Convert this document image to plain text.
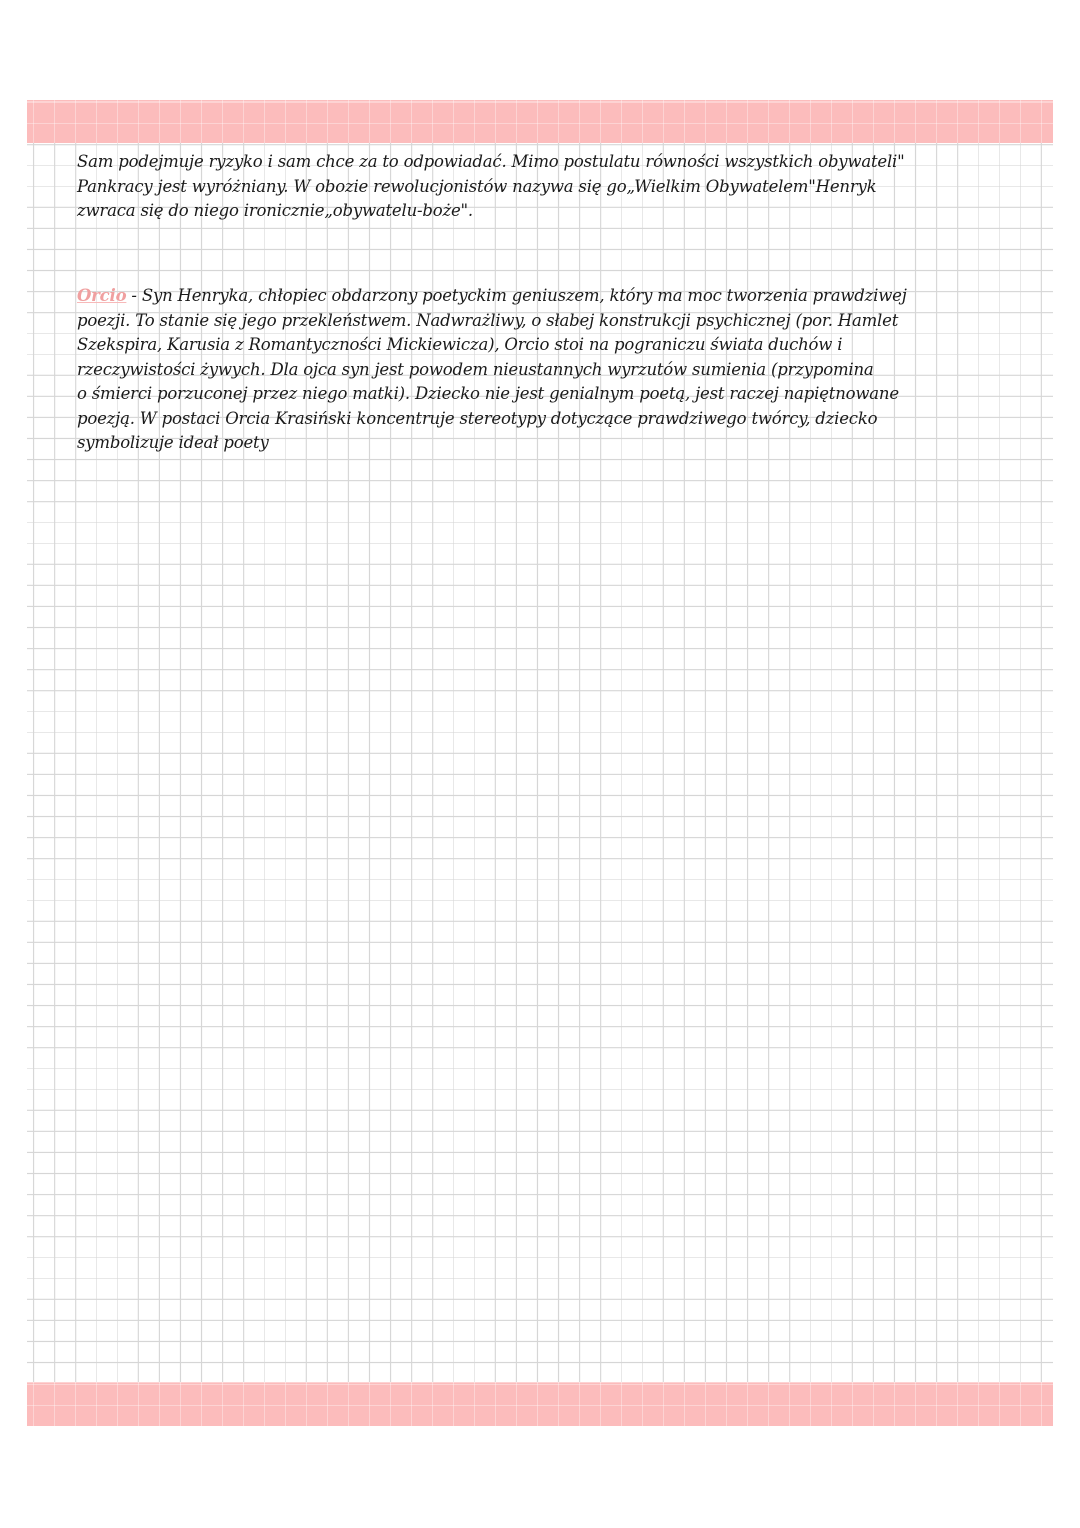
Sam podejmuje ryzyko i sam chce za to odpowiadać. Mimo postulatu równości wszystkich obywateli"
Pankracy jest wyróżniany. W obozie rewolucjonistów nazywa się go„Wielkim Obywatelem"Henryk
zwraca się do niego ironicznie„obywatelu-boże".
Orcio - Syn Henryka, chłopiec obdarzony poetyckim geniuszem, który ma moc tworzenia prawdziwej
poezji. To stanie się jego przekleństwem. Nadwrażliwy, o słabej konstrukcji psychicznej (por. Hamlet
Szekspira, Karusia z Romantyczności Mickiewicza), Orcio stoi na pograniczu świata duchów i
rzeczywistości żywych. Dla ojca syn jest powodem nieustannych wyrzutów sumienia (przypomina
o śmierci porzuconej przez niego matki). Dziecko nie jest genialnym poetą, jest raczej napiętnowane
poezją. W postaci Orcia Krasiński koncentruje stereotypy dotyczące prawdziwego twórcy, dziecko
symbolizuje ideał poety
